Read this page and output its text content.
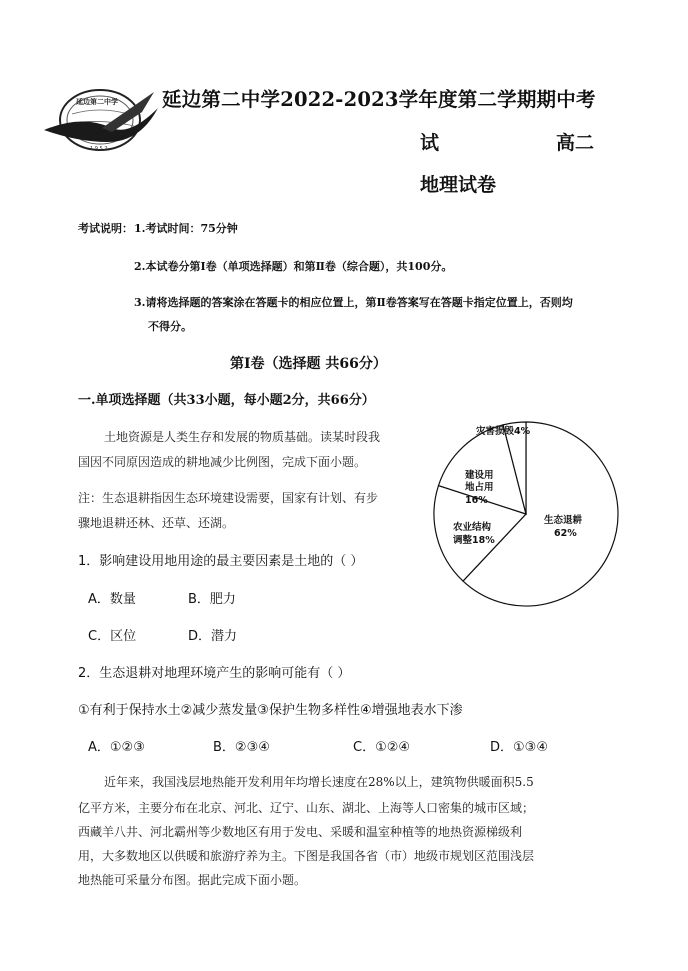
延边第二中学
1 9 5 2

延边第二中学2022-2023学年度第二学期期中考

试	高二

地理试卷

考试说明： 1.考试时间：75分钟
2.本试卷分第Ⅰ卷（单项选择题）和第Ⅱ卷（综合题），共100分。
3.请将选择题的答案涂在答题卡的相应位置上，第Ⅱ卷答案写在答题卡指定位置上，否则均
不得分。

第Ⅰ卷（选择题 共66分）

一.单项选择题（共33小题，每小题2分，共66分）

土地资源是人类生存和发展的物质基础。读某时段我
国因不同原因造成的耕地减少比例图，完成下面小题。
注：生态退耕指因生态环境建设需要，国家有计划、有步
骤地退耕还林、还草、还湖。
灾害损毁4%
建设用
地占用
16%
农业结构
调整18%
生态退耕
62%
1．影响建设用地用途的最主要因素是土地的（ ）
A．数量	B．肥力
C．区位	D．潜力
2．生态退耕对地理环境产生的影响可能有（ ）
①有利于保持水土②减少蒸发量③保护生物多样性④增强地表水下渗
A．①②③	B．②③④	C．①②④	D．①③④
近年来，我国浅层地热能开发利用年均增长速度在28%以上，建筑物供暖面积5.5
亿平方米，主要分布在北京、河北、辽宁、山东、湖北、上海等人口密集的城市区域；
西藏羊八井、河北霸州等少数地区有用于发电、采暖和温室种植等的地热资源梯级利
用，大多数地区以供暖和旅游疗养为主。下图是我国各省（市）地级市规划区范围浅层
地热能可采量分布图。据此完成下面小题。
